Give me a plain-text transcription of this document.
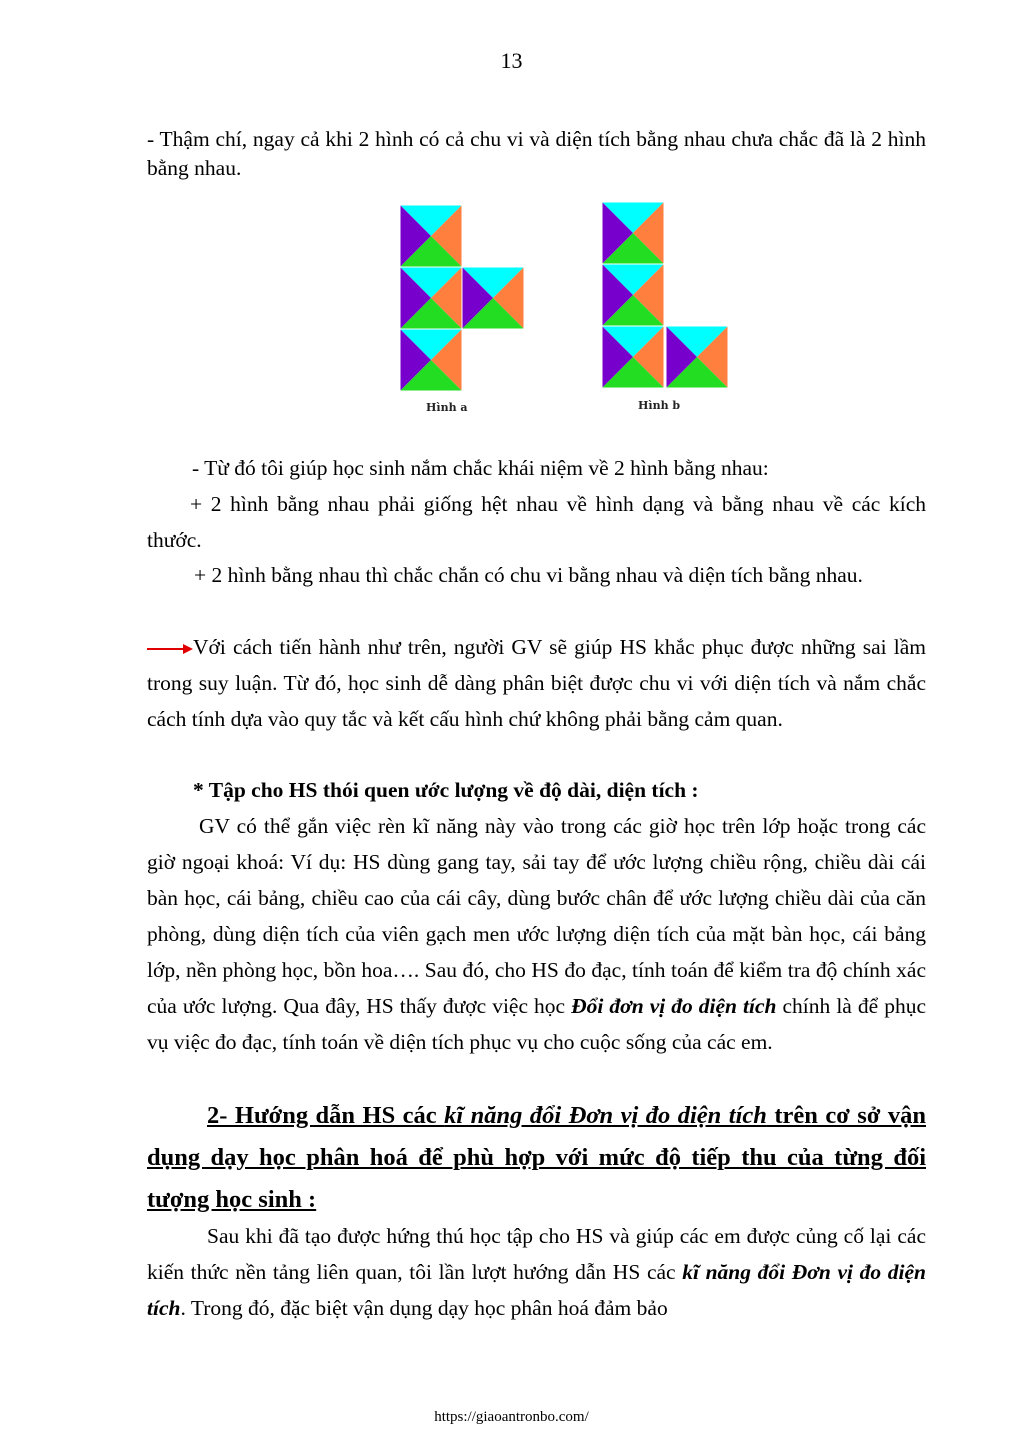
13

- Thậm chí, ngay cả khi 2 hình có cả chu vi và diện tích bằng nhau chưa chắc đã là 2 hình bằng nhau.

Hình a	Hình b

- Từ đó tôi giúp học sinh nắm chắc khái niệm về 2 hình bằng nhau:

+ 2 hình bằng nhau phải giống hệt nhau về hình dạng và bằng nhau về các kích thước.

+ 2 hình bằng nhau thì chắc chắn có chu vi bằng nhau và diện tích bằng nhau.

Với cách tiến hành như trên, người GV sẽ giúp HS khắc phục được những sai lầm trong suy luận. Từ đó, học sinh dễ dàng phân biệt được chu vi với diện tích và nắm chắc cách tính dựa vào quy tắc và kết cấu hình chứ không phải bằng cảm quan.

* Tập cho HS thói quen ước lượng về độ dài, diện tích :

GV có thể gắn việc rèn kĩ năng này vào trong các giờ học trên lớp hoặc trong các giờ ngoại khoá: Ví dụ: HS dùng gang tay, sải tay để ước lượng chiều rộng, chiều dài cái bàn học, cái bảng, chiều cao của cái cây, dùng bước chân để ước lượng chiều dài của căn phòng, dùng diện tích của viên gạch men ước lượng diện tích của mặt bàn học, cái bảng lớp, nền phòng học, bồn hoa…. Sau đó, cho HS đo đạc, tính toán để kiểm tra độ chính xác của ước lượng. Qua đây, HS thấy được việc học Đổi đơn vị đo diện tích chính là để phục vụ việc đo đạc, tính toán về diện tích phục vụ cho cuộc sống của các em.

2- Hướng dẫn HS các kĩ năng đổi Đơn vị đo diện tích trên cơ sở vận dụng dạy học phân hoá để phù hợp với mức độ tiếp thu của từng đối tượng học sinh :

Sau khi đã tạo được hứng thú học tập cho HS và giúp các em được củng cố lại các kiến thức nền tảng liên quan, tôi lần lượt hướng dẫn HS các kĩ năng đổi Đơn vị đo diện tích. Trong đó, đặc biệt vận dụng dạy học phân hoá đảm bảo

https://giaoantronbo.com/
